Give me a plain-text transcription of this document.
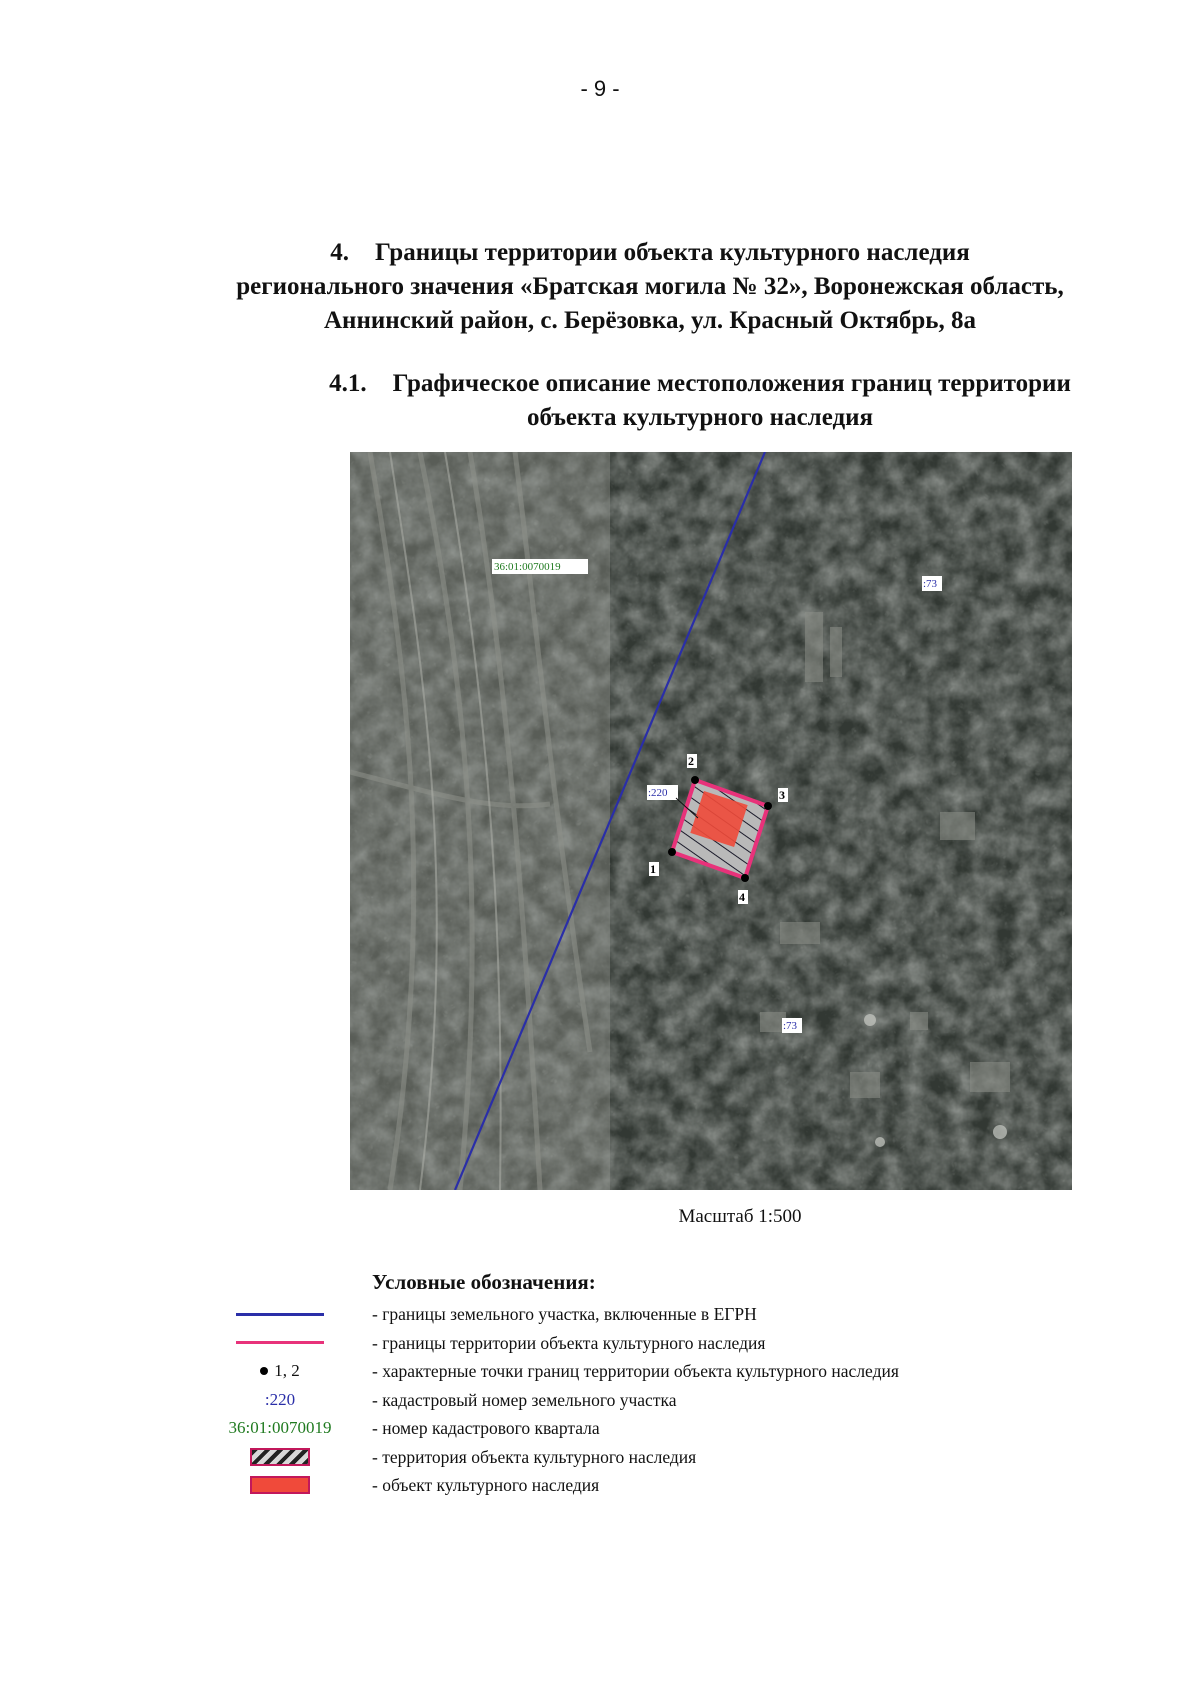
- 9 -
4. Границы территории объекта культурного наследия
регионального значения «Братская могила № 32», Воронежская область,
Аннинский район, с. Берёзовка, ул. Красный Октябрь, 8а
4.1. Графическое описание местоположения границ территории
объекта культурного наследия
2
3
1
4
36:01:0070019
:73
:73
:220
Масштаб 1:500
Условные обозначения:
- границы земельного участка, включенные в ЕГРН
- границы территории объекта культурного наследия
1, 2	- характерные точки границ территории объекта культурного наследия
:220	- кадастровый номер земельного участка
36:01:0070019 - номер кадастрового квартала
- территория объекта культурного наследия
- объект культурного наследия
